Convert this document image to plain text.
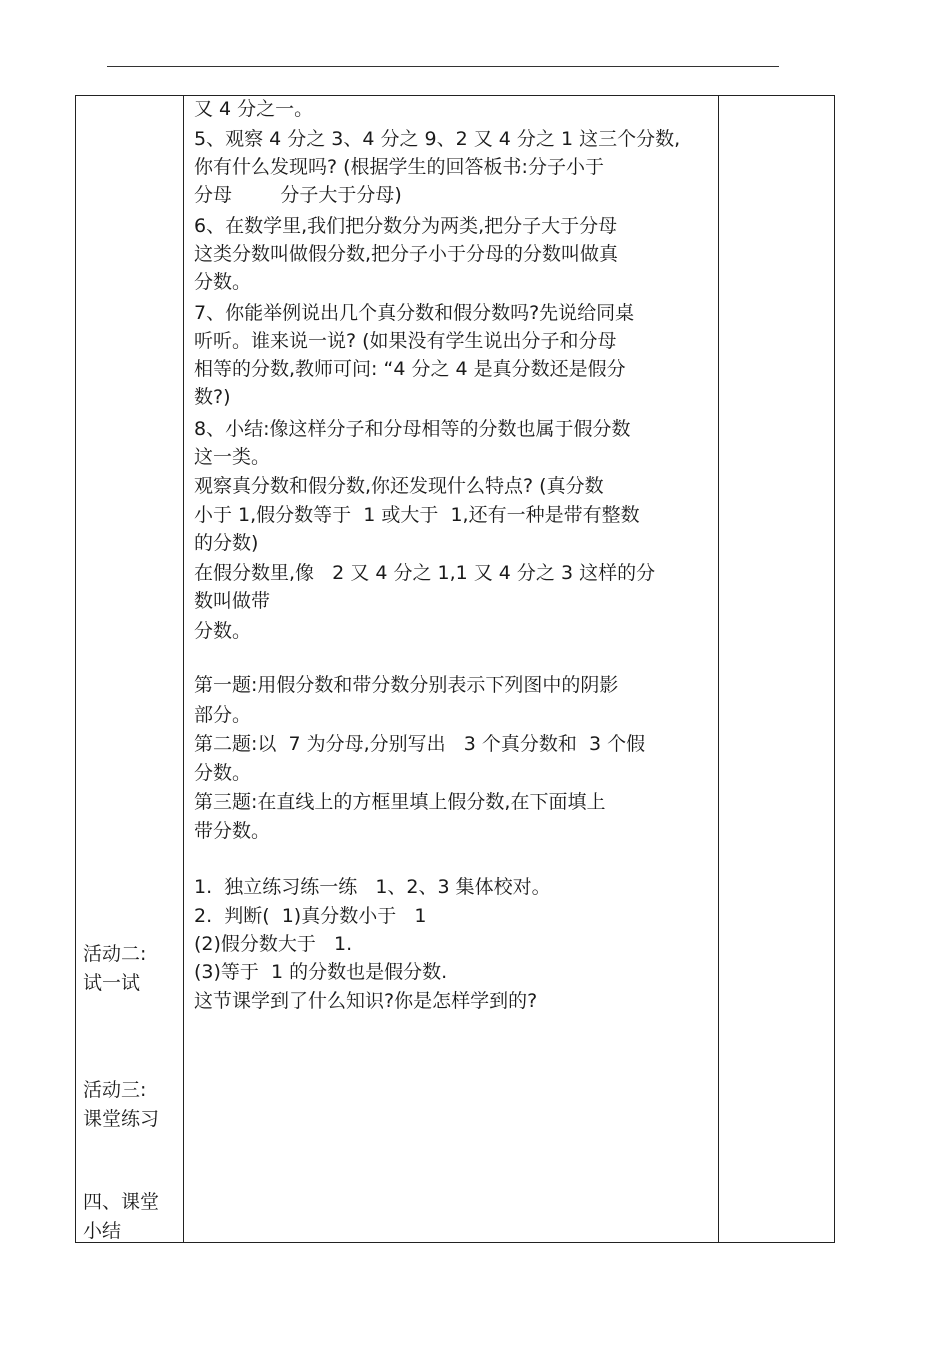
活动二:
试一试
活动三:
课堂练习
四、课堂
小结
又 4 分之一。
5、观察 4 分之 3、4 分之 9、2 又 4 分之 1 这三个分数,
你有什么发现吗? (根据学生的回答板书:分子小于
分母        分子大于分母)
6、在数学里,我们把分数分为两类,把分子大于分母
这类分数叫做假分数,把分子小于分母的分数叫做真
分数。
7、你能举例说出几个真分数和假分数吗?先说给同桌
听听。谁来说一说? (如果没有学生说出分子和分母
相等的分数,教师可问: “4 分之 4 是真分数还是假分
数?)
8、小结:像这样分子和分母相等的分数也属于假分数
这一类。
观察真分数和假分数,你还发现什么特点? (真分数
小于 1,假分数等于  1 或大于  1,还有一种是带有整数
的分数)
在假分数里,像   2 又 4 分之 1,1 又 4 分之 3 这样的分
数叫做带
分数。
第一题:用假分数和带分数分别表示下列图中的阴影
部分。
第二题:以  7 为分母,分别写出   3 个真分数和  3 个假
分数。
第三题:在直线上的方框里填上假分数,在下面填上
带分数。
1.  独立练习练一练   1、2、3 集体校对。
2.  判断(  1)真分数小于   1
(2)假分数大于   1.
(3)等于  1 的分数也是假分数.
这节课学到了什么知识?你是怎样学到的?
